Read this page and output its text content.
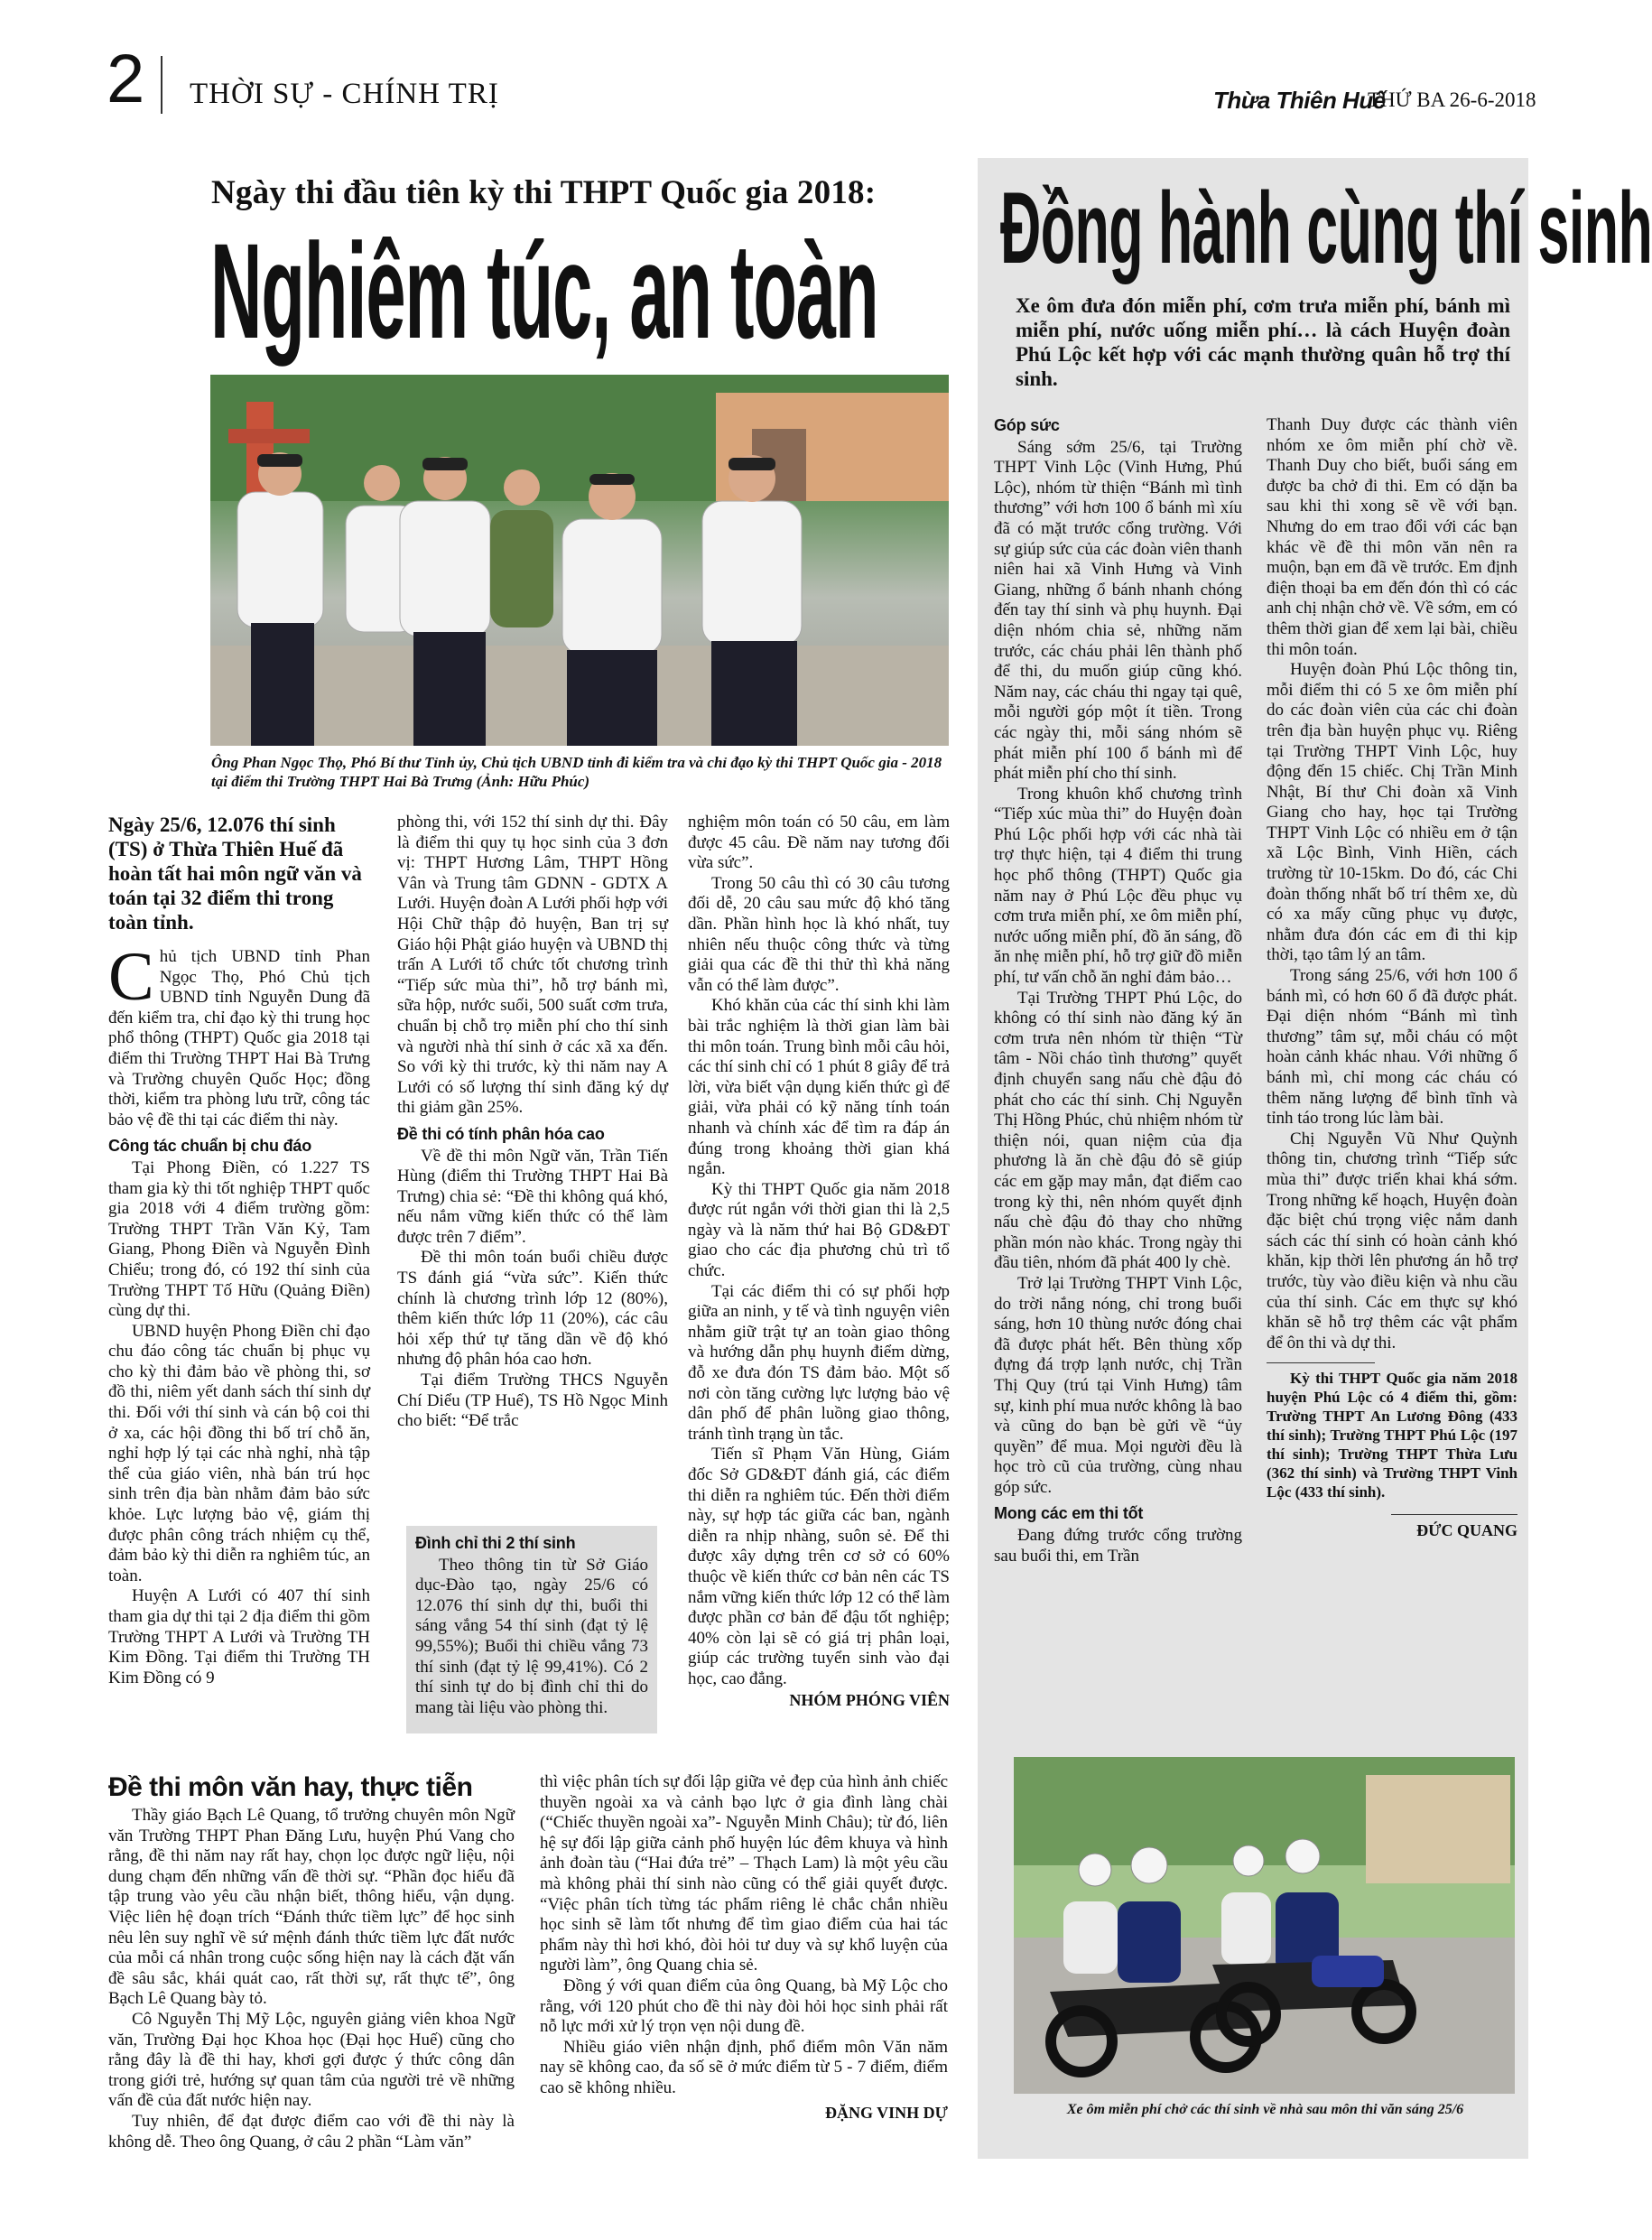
2 THỜI SỰ - CHÍNH TRỊ	Thừa Thiên Huế
THỨ BA 26-6-2018
Ngày thi đầu tiên kỳ thi THPT Quốc gia 2018:
Nghiêm túc, an toàn
Ông Phan Ngọc Thọ, Phó Bí thư Tỉnh ủy, Chủ tịch UBND tỉnh đi kiểm tra và chỉ đạo kỳ thi THPT Quốc gia - 2018 tại điểm thi Trường THPT Hai Bà Trưng (Ảnh: Hữu Phúc)
Ngày 25/6, 12.076 thí sinh (TS) ở Thừa Thiên Huế đã hoàn tất hai môn ngữ văn và toán tại 32 điểm thi trong toàn tỉnh.

Chủ tịch UBND tỉnh Phan Ngọc Thọ, Phó Chủ tịch UBND tỉnh Nguyễn Dung đã đến kiểm tra, chỉ đạo kỳ thi trung học phổ thông (THPT) Quốc gia 2018 tại điểm thi Trường THPT Hai Bà Trưng và Trường chuyên Quốc Học; đồng thời, kiểm tra phòng lưu trữ, công tác bảo vệ đề thi tại các điểm thi này.

Công tác chuẩn bị chu đáo

Tại Phong Điền, có 1.227 TS tham gia kỳ thi tốt nghiệp THPT quốc gia 2018 với 4 điểm trường gồm: Trường THPT Trần Văn Kỷ, Tam Giang, Phong Điền và Nguyễn Đình Chiểu; trong đó, có 192 thí sinh của Trường THPT Tố Hữu (Quảng Điền) cùng dự thi.

UBND huyện Phong Điền chỉ đạo chu đáo công tác chuẩn bị phục vụ cho kỳ thi đảm bảo về phòng thi, sơ đồ thi, niêm yết danh sách thí sinh dự thi. Đối với thí sinh và cán bộ coi thi ở xa, các hội đồng thi bố trí chỗ ăn, nghỉ hợp lý tại các nhà nghỉ, nhà tập thể của giáo viên, nhà bán trú học sinh trên địa bàn nhằm đảm bảo sức khỏe. Lực lượng bảo vệ, giám thị được phân công trách nhiệm cụ thể, đảm bảo kỳ thi diễn ra nghiêm túc, an toàn.

Huyện A Lưới có 407 thí sinh tham gia dự thi tại 2 địa điểm thi gồm Trường THPT A Lưới và Trường TH Kim Đồng. Tại điểm thi Trường TH Kim Đồng có 9

phòng thi, với 152 thí sinh dự thi. Đây là điểm thi quy tụ học sinh của 3 đơn vị: THPT Hương Lâm, THPT Hồng Vân và Trung tâm GDNN - GDTX A Lưới. Huyện đoàn A Lưới phối hợp với Hội Chữ thập đỏ huyện, Ban trị sự Giáo hội Phật giáo huyện và UBND thị trấn A Lưới tổ chức tốt chương trình “Tiếp sức mùa thi”, hỗ trợ bánh mì, sữa hộp, nước suối, 500 suất cơm trưa, chuẩn bị chỗ trọ miễn phí cho thí sinh và người nhà thí sinh ở các xã xa đến. So với kỳ thi trước, kỳ thi năm nay A Lưới có số lượng thí sinh đăng ký dự thi giảm gần 25%.

Đề thi có tính phân hóa cao

Về đề thi môn Ngữ văn, Trần Tiến Hùng (điểm thi Trường THPT Hai Bà Trưng) chia sẻ: “Đề thi không quá khó, nếu nắm vững kiến thức có thể làm được trên 7 điểm”.

Đề thi môn toán buổi chiều được TS đánh giá “vừa sức”. Kiến thức chính là chương trình lớp 12 (80%), thêm kiến thức lớp 11 (20%), các câu hỏi xếp thứ tự tăng dần về độ khó nhưng độ phân hóa cao hơn.

Tại điểm Trường THCS Nguyễn Chí Diểu (TP Huế), TS Hồ Ngọc Minh cho biết: “Để trắc

Đình chỉ thi 2 thí sinh
Theo thông tin từ Sở Giáo dục-Đào tạo, ngày 25/6 có 12.076 thí sinh dự thi, buổi thi sáng vắng 54 thí sinh (đạt tỷ lệ 99,55%); Buổi thi chiều vắng 73 thí sinh (đạt tỷ lệ 99,41%). Có 2 thí sinh tự do bị đình chỉ thi do mang tài liệu vào phòng thi.

nghiệm môn toán có 50 câu, em làm được 45 câu. Đề năm nay tương đối vừa sức”.

Trong 50 câu thì có 30 câu tương đối dễ, 20 câu sau mức độ khó tăng dần. Phần hình học là khó nhất, tuy nhiên nếu thuộc công thức và từng giải qua các đề thi thử thì khả năng vẫn có thể làm được”.

Khó khăn của các thí sinh khi làm bài trắc nghiệm là thời gian làm bài thi môn toán. Trung bình mỗi câu hỏi, các thí sinh chỉ có 1 phút 8 giây để trả lời, vừa biết vận dụng kiến thức gì để giải, vừa phải có kỹ năng tính toán nhanh và chính xác để tìm ra đáp án đúng trong khoảng thời gian khá ngắn.

Kỳ thi THPT Quốc gia năm 2018 được rút ngắn với thời gian thi là 2,5 ngày và là năm thứ hai Bộ GD&ĐT giao cho các địa phương chủ trì tổ chức.

Tại các điểm thi có sự phối hợp giữa an ninh, y tế và tình nguyện viên nhằm giữ trật tự an toàn giao thông và hướng dẫn phụ huynh điểm dừng, đỗ xe đưa đón TS đảm bảo. Một số nơi còn tăng cường lực lượng bảo vệ dân phố để phân luồng giao thông, tránh tình trạng ùn tắc.

Tiến sĩ Phạm Văn Hùng, Giám đốc Sở GD&ĐT đánh giá, các điểm thi diễn ra nghiêm túc. Đến thời điểm này, sự hợp tác giữa các ban, ngành diễn ra nhịp nhàng, suôn sẻ. Để thi được xây dựng trên cơ sở có 60% thuộc về kiến thức cơ bản nên các TS nắm vững kiến thức lớp 12 có thể làm được phần cơ bản để đậu tốt nghiệp; 40% còn lại sẽ có giá trị phân loại, giúp các trường tuyển sinh vào đại học, cao đẳng.

NHÓM PHÓNG VIÊN
Đề thi môn văn hay, thực tiễn

Thầy giáo Bạch Lê Quang, tổ trưởng chuyên môn Ngữ văn Trường THPT Phan Đăng Lưu, huyện Phú Vang cho rằng, đề thi năm nay rất hay, chọn lọc được ngữ liệu, nội dung chạm đến những vấn đề thời sự. “Phần đọc hiểu đã tập trung vào yêu cầu nhận biết, thông hiểu, vận dụng. Việc liên hệ đoạn trích “Đánh thức tiềm lực” để học sinh nêu lên suy nghĩ về sứ mệnh đánh thức tiềm lực đất nước của mỗi cá nhân trong cuộc sống hiện nay là cách đặt vấn đề sâu sắc, khái quát cao, rất thời sự, rất thực tế”, ông Bạch Lê Quang bày tỏ.

Cô Nguyễn Thị Mỹ Lộc, nguyên giảng viên khoa Ngữ văn, Trường Đại học Khoa học (Đại học Huế) cũng cho rằng đây là đề thi hay, khơi gợi được ý thức công dân trong giới trẻ, hướng sự quan tâm của người trẻ về những vấn đề của đất nước hiện nay.

Tuy nhiên, để đạt được điểm cao với đề thi này là không dễ. Theo ông Quang, ở câu 2 phần “Làm văn”

thì việc phân tích sự đối lập giữa vẻ đẹp của hình ảnh chiếc thuyền ngoài xa và cảnh bạo lực ở gia đình làng chài (“Chiếc thuyền ngoài xa”- Nguyễn Minh Châu); từ đó, liên hệ sự đối lập giữa cảnh phố huyện lúc đêm khuya và hình ảnh đoàn tàu (“Hai đứa trẻ” – Thạch Lam) là một yêu cầu mà không phải thí sinh nào cũng có thể giải quyết được. “Việc phân tích từng tác phẩm riêng lẻ chắc chắn nhiều học sinh sẽ làm tốt nhưng để tìm giao điểm của hai tác phẩm này thì hơi khó, đòi hỏi tư duy và sự khổ luyện của người làm”, ông Quang chia sẻ.

Đồng ý với quan điểm của ông Quang, bà Mỹ Lộc cho rằng, với 120 phút cho đề thi này đòi hỏi học sinh phải rất nỗ lực mới xử lý trọn vẹn nội dung đề.

Nhiều giáo viên nhận định, phổ điểm môn Văn năm nay sẽ không cao, đa số sẽ ở mức điểm từ 5 - 7 điểm, điểm cao sẽ không nhiều.

ĐẶNG VINH DỰ
Đồng hành cùng thí sinh
Xe ôm đưa đón miễn phí, cơm trưa miễn phí, bánh mì miễn phí, nước uống miễn phí… là cách Huyện đoàn Phú Lộc kết hợp với các mạnh thường quân hỗ trợ thí sinh.
Góp sức

Sáng sớm 25/6, tại Trường THPT Vinh Lộc (Vinh Hưng, Phú Lộc), nhóm từ thiện “Bánh mì tình thương” với hơn 100 ổ bánh mì xíu đã có mặt trước cổng trường. Với sự giúp sức của các đoàn viên thanh niên hai xã Vinh Hưng và Vinh Giang, những ổ bánh nhanh chóng đến tay thí sinh và phụ huynh. Đại diện nhóm chia sẻ, những năm trước, các cháu phải lên thành phố để thi, du muốn giúp cũng khó. Năm nay, các cháu thi ngay tại quê, mỗi người góp một ít tiền. Trong các ngày thi, mỗi sáng nhóm sẽ phát miễn phí 100 ổ bánh mì để phát miễn phí cho thí sinh.

Trong khuôn khổ chương trình “Tiếp xúc mùa thi” do Huyện đoàn Phú Lộc phối hợp với các nhà tài trợ thực hiện, tại 4 điểm thi trung học phổ thông (THPT) Quốc gia năm nay ở Phú Lộc đều phục vụ cơm trưa miễn phí, xe ôm miễn phí, nước uống miễn phí, đồ ăn sáng, đồ ăn nhẹ miễn phí, hỗ trợ giữ đồ miễn phí, tư vấn chỗ ăn nghỉ đảm bảo…

Tại Trường THPT Phú Lộc, do không có thí sinh nào đăng ký ăn cơm trưa nên nhóm từ thiện “Từ tâm - Nồi cháo tình thương” quyết định chuyển sang nấu chè đậu đỏ phát cho các thí sinh. Chị Nguyễn Thị Hồng Phúc, chủ nhiệm nhóm từ thiện nói, quan niệm của địa phương là ăn chè đậu đỏ sẽ giúp các em gặp may mắn, đạt điểm cao trong kỳ thi, nên nhóm quyết định nấu chè đậu đỏ thay cho những phần món nào khác. Trong ngày thi đầu tiên, nhóm đã phát 400 ly chè.

Trở lại Trường THPT Vinh Lộc, do trời nắng nóng, chỉ trong buổi sáng, hơn 10 thùng nước đóng chai đã được phát hết. Bên thùng xốp đựng đá trợp lạnh nước, chị Trần Thị Quy (trú tại Vinh Hưng) tâm sự, kinh phí mua nước không là bao và cũng do bạn bè gửi về “ủy quyền” để mua. Mọi người đều là học trò cũ của trường, cùng nhau góp sức.

Mong các em thi tốt

Đang đứng trước cổng trường sau buổi thi, em Trần

Thanh Duy được các thành viên nhóm xe ôm miễn phí chờ về. Thanh Duy cho biết, buổi sáng em được ba chở đi thi. Em có dặn ba sau khi thi xong sẽ về với bạn. Nhưng do em trao đổi với các bạn khác về đề thi môn văn nên ra muộn, bạn em đã về trước. Em định điện thoại ba em đến đón thì có các anh chị nhận chở về. Về sớm, em có thêm thời gian để xem lại bài, chiều thi môn toán.

Huyện đoàn Phú Lộc thông tin, mỗi điểm thi có 5 xe ôm miễn phí do các đoàn viên của các chi đoàn trên địa bàn huyện phục vụ. Riêng tại Trường THPT Vinh Lộc, huy động đến 15 chiếc. Chị Trần Minh Nhật, Bí thư Chi đoàn xã Vinh Giang cho hay, học tại Trường THPT Vinh Lộc có nhiều em ở tận xã Lộc Bình, Vinh Hiền, cách trường từ 10-15km. Do đó, các Chi đoàn thống nhất bố trí thêm xe, dù có xa mấy cũng phục vụ được, nhằm đưa đón các em đi thi kịp thời, tạo tâm lý an tâm.

Trong sáng 25/6, với hơn 100 ổ bánh mì, có hơn 60 ổ đã được phát. Đại diện nhóm “Bánh mì tình thương” tâm sự, mỗi cháu có một hoàn cảnh khác nhau. Với những ổ bánh mì, chỉ mong các cháu có thêm năng lượng để bình tĩnh và tỉnh táo trong lúc làm bài.

Chị Nguyễn Vũ Như Quỳnh thông tin, chương trình “Tiếp sức mùa thi” được triển khai khá sớm. Trong những kế hoạch, Huyện đoàn đặc biệt chú trọng việc nắm danh sách các thí sinh có hoàn cảnh khó khăn, kịp thời lên phương án hỗ trợ trước, tùy vào điều kiện và nhu cầu của thí sinh. Các em thực sự khó khăn sẽ hỗ trợ thêm các vật phẩm để ôn thi và dự thi.

Kỳ thi THPT Quốc gia năm 2018 huyện Phú Lộc có 4 điểm thi, gồm: Trường THPT An Lương Đông (433 thí sinh); Trường THPT Phú Lộc (197 thí sinh); Trường THPT Thừa Lưu (362 thí sinh) và Trường THPT Vinh Lộc (433 thí sinh).
ĐỨC QUANG
Xe ôm miễn phí chở các thí sinh về nhà sau môn thi văn sáng 25/6
